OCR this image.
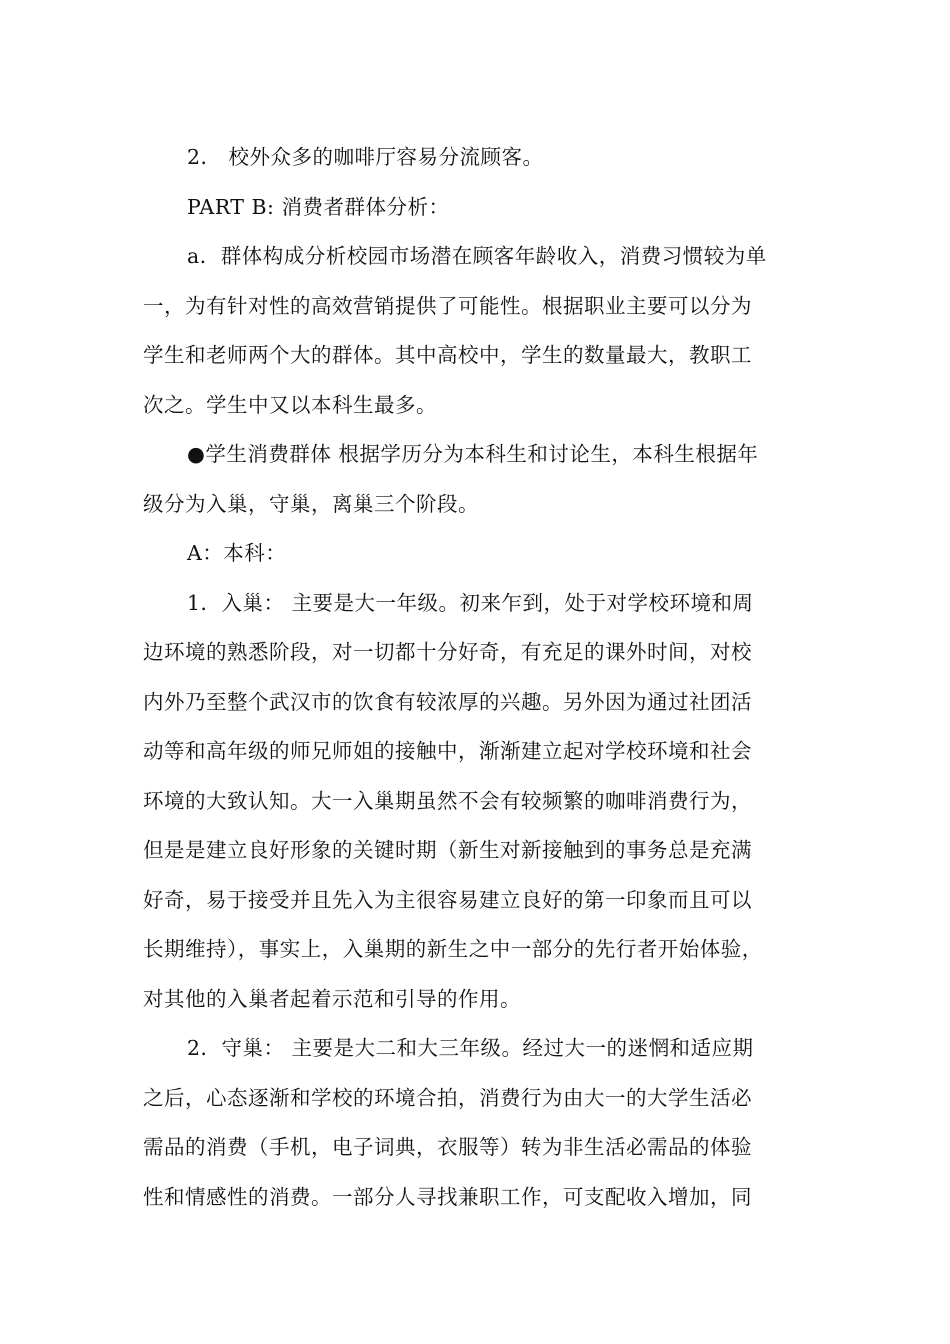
2． 校外众多的咖啡厅容易分流顾客。
PART B: 消费者群体分析：
a．群体构成分析校园市场潜在顾客年龄收入，消费习惯较为单
一，为有针对性的高效营销提供了可能性。根据职业主要可以分为
学生和老师两个大的群体。其中高校中，学生的数量最大，教职工
次之。学生中又以本科生最多。
●学生消费群体 根据学历分为本科生和讨论生，本科生根据年
级分为入巢，守巢，离巢三个阶段。
A：本科：
1．入巢： 主要是大一年级。初来乍到，处于对学校环境和周
边环境的熟悉阶段，对一切都十分好奇，有充足的课外时间，对校
内外乃至整个武汉市的饮食有较浓厚的兴趣。另外因为通过社团活
动等和高年级的师兄师姐的接触中，渐渐建立起对学校环境和社会
环境的大致认知。大一入巢期虽然不会有较频繁的咖啡消费行为，
但是是建立良好形象的关键时期（新生对新接触到的事务总是充满
好奇，易于接受并且先入为主很容易建立良好的第一印象而且可以
长期维持），事实上，入巢期的新生之中一部分的先行者开始体验，
对其他的入巢者起着示范和引导的作用。
2．守巢： 主要是大二和大三年级。经过大一的迷惘和适应期
之后，心态逐渐和学校的环境合拍，消费行为由大一的大学生活必
需品的消费（手机，电子词典，衣服等）转为非生活必需品的体验
性和情感性的消费。一部分人寻找兼职工作，可支配收入增加，同
